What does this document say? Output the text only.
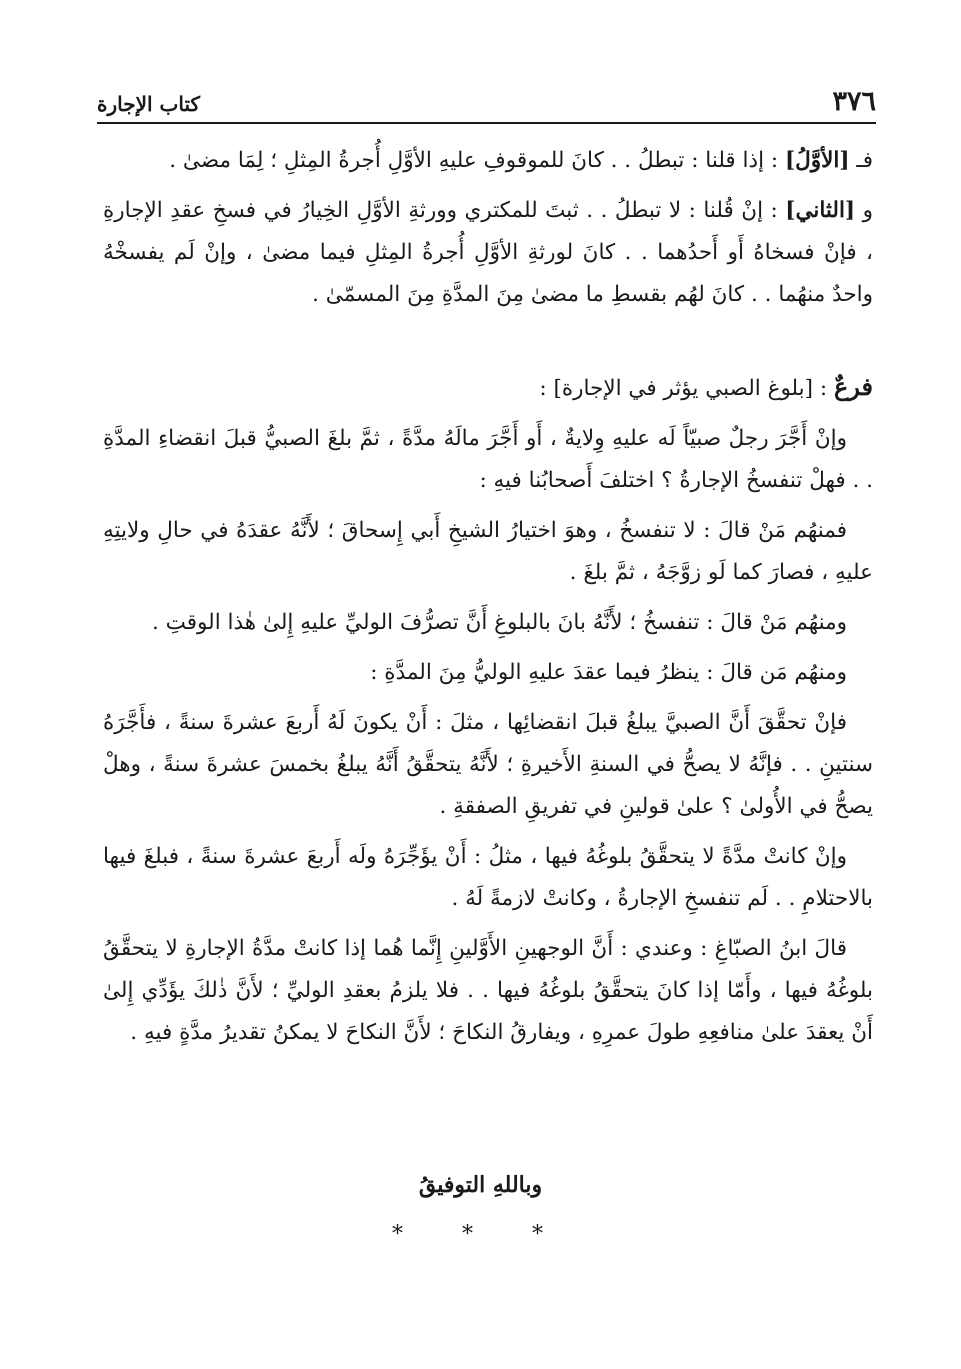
٣٧٦
كتاب الإجارة

فـ [الأوَّلُ] : إذا قلنا : تبطلُ . . كانَ للموقوفِ عليهِ الأوَّلِ أُجرةُ المِثلِ ؛ لِمَا مضىٰ .

و [الثاني] : إنْ قُلنا : لا تبطلُ . . ثبتَ للمكتري وورثةِ الأوَّلِ الخِيارُ في فسخِ عقدِ الإجارةِ ، فإنْ فسخاهُ أَو أَحدُهما . . كانَ لورثةِ الأوَّلِ أُجرةُ المِثلِ فيما مضىٰ ، وإنْ لَم يفسخْهُ واحدٌ منهُما . . كانَ لهُم بقسطِ ما مضىٰ مِنَ المدَّةِ مِنَ المسمّىٰ .

فرعٌ : [بلوغ الصبي يؤثر في الإجارة] :

وإنْ أَجَّرَ رجلٌ صبيّاً لَه عليهِ وِلايةٌ ، أَو أَجَّرَ مالَهُ مدَّةً ، ثمَّ بلغَ الصبيُّ قبلَ انقضاءِ المدَّةِ . . فهلْ تنفسخُ الإجارةُ ؟ اختلفَ أَصحابُنا فيهِ :

فمنهُم مَنْ قالَ : لا تنفسخُ ، وهوَ اختيارُ الشيخِ أَبي إِسحاقَ ؛ لأَنَّهُ عقدَهُ في حالِ ولايتِهِ عليهِ ، فصارَ كما لَو زوَّجَهُ ، ثمَّ بلغَ .

ومنهُم مَنْ قالَ : تنفسخُ ؛ لأَنَّهُ بانَ بالبلوغِ أَنَّ تصرُّفَ الوليِّ عليهِ إِلىٰ هٰذا الوقتِ .

ومنهُم مَن قالَ : ينظرُ فيما عقدَ عليهِ الوليُّ مِنَ المدَّةِ :

فإنْ تحقَّقَ أَنَّ الصبيَّ يبلغُ قبلَ انقضائِها ، مثلَ : أَنْ يكونَ لَهُ أَربعَ عشرةَ سنةً ، فأَجَّرَهُ سنتينِ . . فإنَّهُ لا يصحُّ في السنةِ الأَخيرةِ ؛ لأَنَّهُ يتحقَّقُ أَنَّهُ يبلغُ بخمسَ عشرةَ سنةً ، وهلْ يصحُّ في الأُولىٰ ؟ علىٰ قولينِ في تفريقِ الصفقةِ .

وإنْ كانتْ مدَّةً لا يتحقَّقُ بلوغُهُ فيها ، مثلُ : أَنْ يؤَجِّرَهُ ولَه أَربعَ عشرةَ سنةً ، فبلغَ فيها بالاحتلامِ . . لَم تنفسخِ الإجارةُ ، وكانتْ لازمةً لَهُ .

قالَ ابنُ الصبّاغِ : وعندي : أَنَّ الوجهينِ الأَوَّلينِ إِنَّما هُما إذا كانتْ مدَّةُ الإجارةِ لا يتحقَّقُ بلوغُهُ فيها ، وأَمّا إذا كانَ يتحقَّقُ بلوغُهُ فيها . . فلا يلزمُ بعقدِ الوليِّ ؛ لأَنَّ ذٰلكَ يؤَدِّي إِلىٰ أَنْ يعقدَ علىٰ منافعِهِ طولَ عمرِهِ ، ويفارقُ النكاحَ ؛ لأَنَّ النكاحَ لا يمكنُ تقديرُ مدَّةٍ فيهِ .

وباللهِ التوفيقُ
* * *
